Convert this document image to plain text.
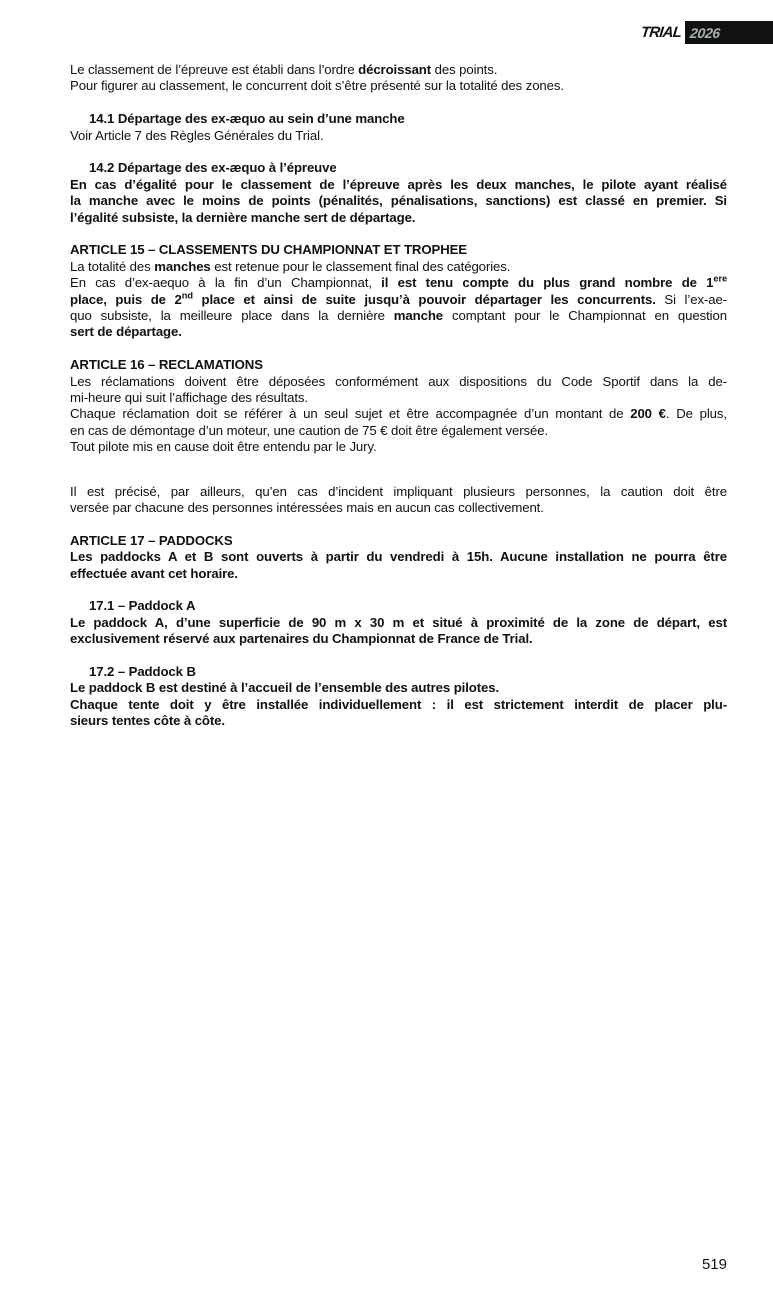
TRIAL 2026
Le classement de l’épreuve est établi dans l’ordre décroissant des points.
Pour figurer au classement, le concurrent doit s’être présenté sur la totalité des zones.
14.1 Départage des ex-æquo au sein d’une manche
Voir Article 7 des Règles Générales du Trial.
14.2 Départage des ex-æquo à l’épreuve
En cas d’égalité pour le classement de l’épreuve après les deux manches, le pilote ayant réalisé
la manche avec le moins de points (pénalités, pénalisations, sanctions) est classé en premier. Si
l’égalité subsiste, la dernière manche sert de départage.
ARTICLE 15 – CLASSEMENTS DU CHAMPIONNAT ET TROPHEE
La totalité des manches est retenue pour le classement final des catégories.
En cas d’ex-aequo à la fin d’un Championnat, il est tenu compte du plus grand nombre de 1ere
place, puis de 2nd place et ainsi de suite jusqu’à pouvoir départager les concurrents. Si l’ex-ae-
quo subsiste, la meilleure place dans la dernière manche comptant pour le Championnat en question
sert de départage.
ARTICLE 16 – RECLAMATIONS
Les réclamations doivent être déposées conformément aux dispositions du Code Sportif dans la de-
mi-heure qui suit l’affichage des résultats.
Chaque réclamation doit se référer à un seul sujet et être accompagnée d’un montant de 200 €. De plus,
en cas de démontage d’un moteur, une caution de 75 € doit être également versée.
Tout pilote mis en cause doit être entendu par le Jury.
Il est précisé, par ailleurs, qu’en cas d’incident impliquant plusieurs personnes, la caution doit être
versée par chacune des personnes intéressées mais en aucun cas collectivement.
ARTICLE 17 – PADDOCKS
Les paddocks A et B sont ouverts à partir du vendredi à 15h. Aucune installation ne pourra être
effectuée avant cet horaire.
17.1 – Paddock A
Le paddock A, d’une superficie de 90 m x 30 m et situé à proximité de la zone de départ, est
exclusivement réservé aux partenaires du Championnat de France de Trial.
17.2 – Paddock B
Le paddock B est destiné à l’accueil de l’ensemble des autres pilotes.
Chaque tente doit y être installée individuellement : il est strictement interdit de placer plu-
sieurs tentes côte à côte.
519
